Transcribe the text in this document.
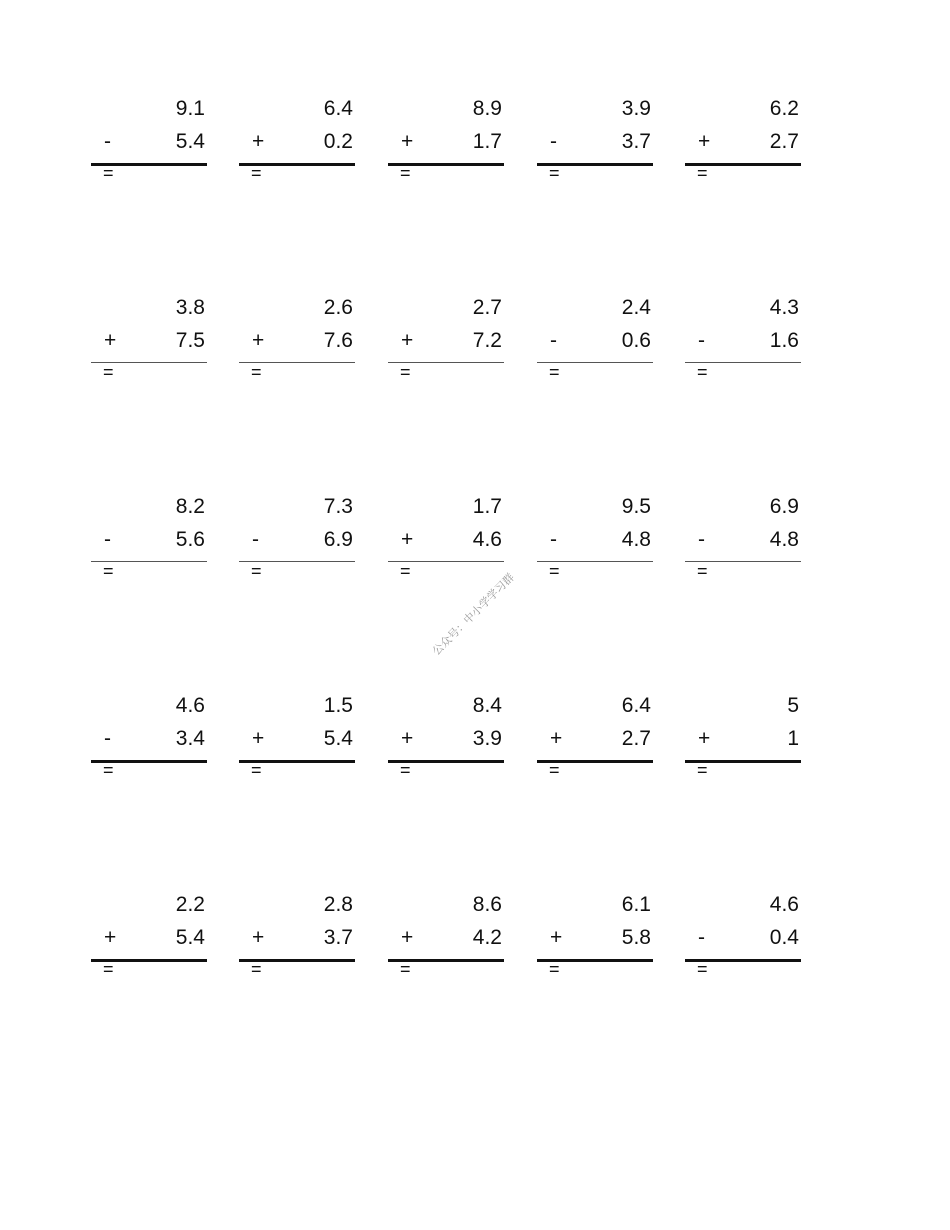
9.1
-	5.4
=
6.4
+	0.2
=
8.9
+	1.7
=
3.9
-	3.7
=
6.2
+	2.7
=
3.8
+	7.5
=
2.6
+	7.6
=
2.7
+	7.2
=
2.4
-	0.6
=
4.3
-	1.6
=
8.2
-	5.6
=
7.3
-	6.9
=
1.7
+	4.6
=
9.5
-	4.8
=
6.9
-	4.8
=
4.6
-	3.4
=
1.5
+	5.4
=
8.4
+	3.9
=
6.4
+	2.7
=
5
+	1
=
2.2
+	5.4
=
2.8
+	3.7
=
8.6
+	4.2
=
6.1
+	5.8
=
4.6
-	0.4
=
公众号：中小学学习群
